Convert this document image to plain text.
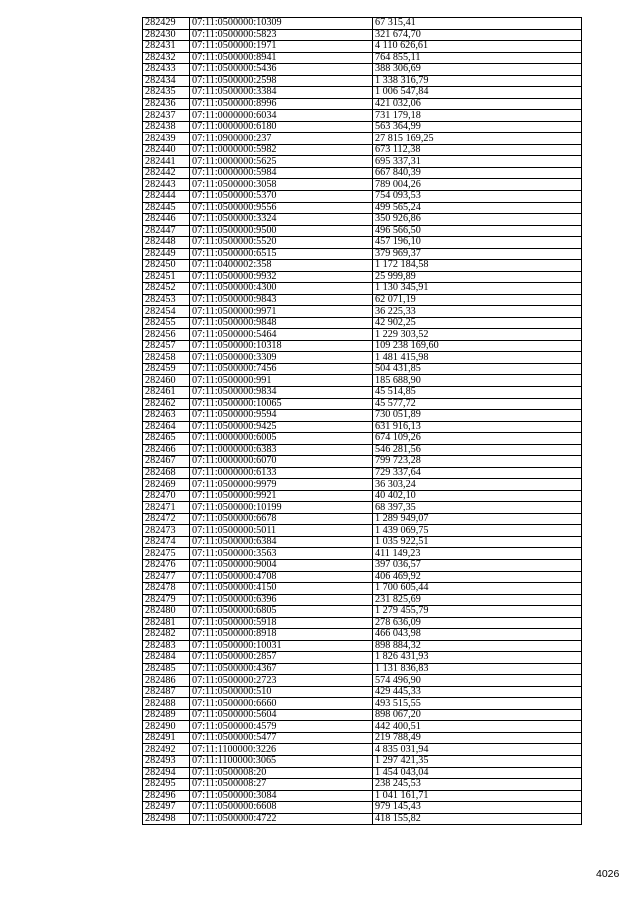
282429	07:11:0500000:10309	67 315,41
282430	07:11:0500000:5823	321 674,70
282431	07:11:0500000:1971	4 110 626,61
282432	07:11:0500000:8941	764 855,11
282433	07:11:0500000:5436	388 306,69
282434	07:11:0500000:2598	1 338 316,79
282435	07:11:0500000:3384	1 006 547,84
282436	07:11:0500000:8996	421 032,06
282437	07:11:0000000:6034	731 179,18
282438	07:11:0000000:6180	563 364,99
282439	07:11:0900000:237	27 815 169,25
282440	07:11:0000000:5982	673 112,38
282441	07:11:0000000:5625	695 337,31
282442	07:11:0000000:5984	667 840,39
282443	07:11:0500000:3058	789 004,26
282444	07:11:0500000:5370	754 093,53
282445	07:11:0500000:9556	499 565,24
282446	07:11:0500000:3324	350 926,86
282447	07:11:0500000:9500	496 566,50
282448	07:11:0500000:5520	457 196,10
282449	07:11:0500000:6515	379 969,37
282450	07:11:0400002:358	1 172 184,58
282451	07:11:0500000:9932	25 999,89
282452	07:11:0500000:4300	1 130 345,91
282453	07:11:0500000:9843	62 071,19
282454	07:11:0500000:9971	36 225,33
282455	07:11:0500000:9848	42 902,25
282456	07:11:0500000:5464	1 229 303,52
282457	07:11:0500000:10318	109 238 169,60
282458	07:11:0500000:3309	1 481 415,98
282459	07:11:0500000:7456	504 431,85
282460	07:11:0500000:991	185 688,90
282461	07:11:0500000:9834	45 514,85
282462	07:11:0500000:10065	45 577,72
282463	07:11:0500000:9594	730 051,89
282464	07:11:0500000:9425	631 916,13
282465	07:11:0000000:6005	674 109,26
282466	07:11:0000000:6383	546 281,56
282467	07:11:0000000:6070	799 723,28
282468	07:11:0000000:6133	729 337,64
282469	07:11:0500000:9979	36 303,24
282470	07:11:0500000:9921	40 402,10
282471	07:11:0500000:10199	68 397,35
282472	07:11:0500000:6678	1 289 949,07
282473	07:11:0500000:5011	1 439 069,75
282474	07:11:0500000:6384	1 035 922,51
282475	07:11:0500000:3563	411 149,23
282476	07:11:0500000:9004	397 036,57
282477	07:11:0500000:4708	406 469,92
282478	07:11:0500000:4150	1 700 605,44
282479	07:11:0500000:6396	231 825,69
282480	07:11:0500000:6805	1 279 455,79
282481	07:11:0500000:5918	278 636,09
282482	07:11:0500000:8918	466 043,98
282483	07:11:0500000:10031	898 884,32
282484	07:11:0500000:2857	1 826 431,93
282485	07:11:0500000:4367	1 131 836,83
282486	07:11:0500000:2723	574 496,90
282487	07:11:0500000:510	429 445,33
282488	07:11:0500000:6660	493 515,55
282489	07:11:0500000:5604	898 067,20
282490	07:11:0500000:4579	442 400,51
282491	07:11:0500000:5477	219 788,49
282492	07:11:1100000:3226	4 835 031,94
282493	07:11:1100000:3065	1 297 421,35
282494	07:11:0500008:20	1 454 043,04
282495	07:11:0500008:27	238 245,53
282496	07:11:0500000:3084	1 041 161,71
282497	07:11:0500000:6608	979 145,43
282498	07:11:0500000:4722	418 155,82
4026
